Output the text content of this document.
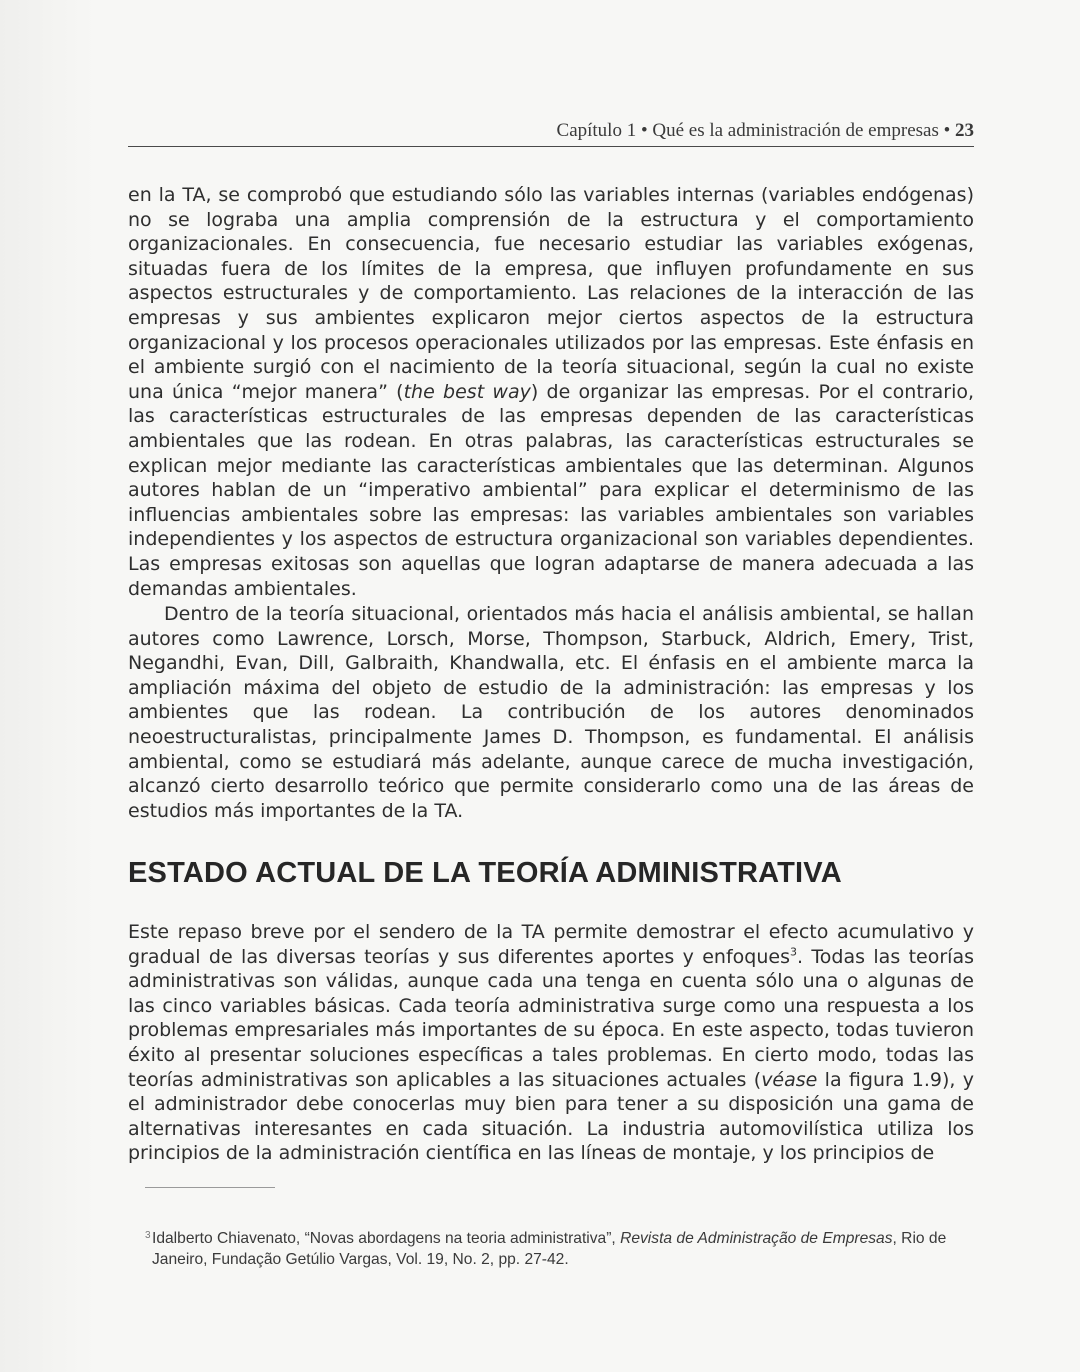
Capítulo 1 • Qué es la administración de empresas • 23

en la TA, se comprobó que estudiando sólo las variables internas (variables endógenas) no se lograba una amplia comprensión de la estructura y el comportamiento organizacionales. En consecuencia, fue necesario estudiar las variables exógenas, situadas fuera de los límites de la empresa, que influyen profundamente en sus aspectos estructurales y de comportamiento. Las relaciones de la interacción de las empresas y sus ambientes explicaron mejor ciertos aspectos de la estructura organizacional y los procesos operacionales utilizados por las empresas. Este énfasis en el ambiente surgió con el nacimiento de la teoría situacional, según la cual no existe una única “mejor manera” (the best way) de organizar las empresas. Por el contrario, las características estructurales de las empresas dependen de las características ambientales que las rodean. En otras palabras, las características estructurales se explican mejor mediante las características ambientales que las determinan. Algunos autores hablan de un “imperativo ambiental” para explicar el determinismo de las influencias ambientales sobre las empresas: las variables ambientales son variables independientes y los aspectos de estructura organizacional son variables dependientes. Las empresas exitosas son aquellas que logran adaptarse de manera adecuada a las demandas ambientales.

Dentro de la teoría situacional, orientados más hacia el análisis ambiental, se hallan autores como Lawrence, Lorsch, Morse, Thompson, Starbuck, Aldrich, Emery, Trist, Negandhi, Evan, Dill, Galbraith, Khandwalla, etc. El énfasis en el ambiente marca la ampliación máxima del objeto de estudio de la administración: las empresas y los ambientes que las rodean. La contribución de los autores denominados neoestructuralistas, principalmente James D. Thompson, es fundamental. El análisis ambiental, como se estudiará más adelante, aunque carece de mucha investigación, alcanzó cierto desarrollo teórico que permite considerarlo como una de las áreas de estudios más importantes de la TA.

ESTADO ACTUAL DE LA TEORÍA ADMINISTRATIVA

Este repaso breve por el sendero de la TA permite demostrar el efecto acumulativo y gradual de las diversas teorías y sus diferentes aportes y enfoques$^3$. Todas las teorías administrativas son válidas, aunque cada una tenga en cuenta sólo una o algunas de las cinco variables básicas. Cada teoría administrativa surge como una respuesta a los problemas empresariales más importantes de su época. En este aspecto, todas tuvieron éxito al presentar soluciones específicas a tales problemas. En cierto modo, todas las teorías administrativas son aplicables a las situaciones actuales (véase la figura 1.9), y el administrador debe conocerlas muy bien para tener a su disposición una gama de alternativas interesantes en cada situación. La industria automovilística utiliza los principios de la administración científica en las líneas de montaje, y los principios de

3 Idalberto Chiavenato, “Novas abordagens na teoria administrativa”, Revista de Administração de Empresas, Rio de Janeiro, Fundação Getúlio Vargas, Vol. 19, No. 2, pp. 27-42.
